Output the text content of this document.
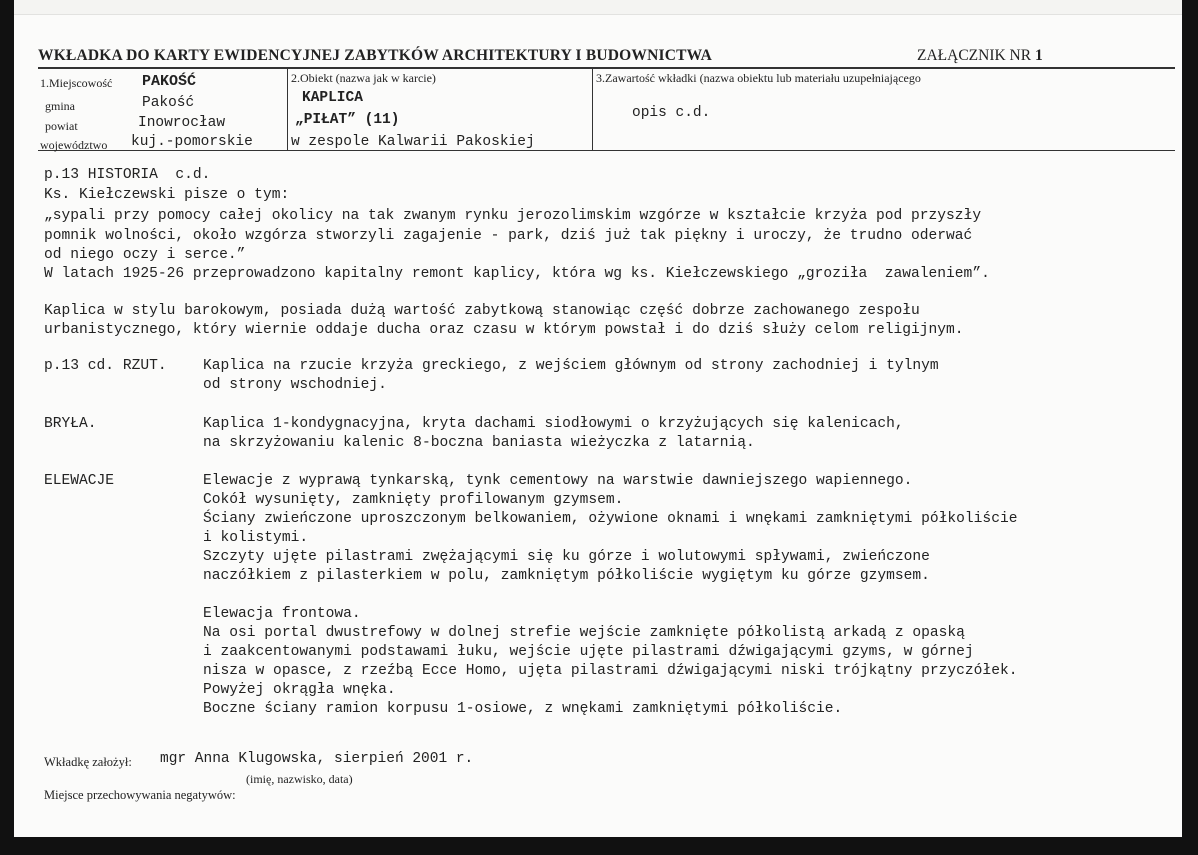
WKŁADKA DO KARTY EWIDENCYJNEJ ZABYTKÓW ARCHITEKTURY I BUDOWNICTWA	ZAŁĄCZNIK NR 1
1.Miejscowość PAKOŚĆ
gmina	Pakość
powiat	Inowrocław
województwo kuj.-pomorskie
2.Obiekt (nazwa jak w karcie)
KAPLICA
„PIŁAT” (11)
w zespole Kalwarii Pakoskiej
3.Zawartość wkładki (nazwa obiektu lub materiału uzupełniającego
opis c.d.
p.13 HISTORIA  c.d.
Ks. Kiełczewski pisze o tym:
„sypali przy pomocy całej okolicy na tak zwanym rynku jerozolimskim wzgórze w kształcie krzyża pod przyszły
pomnik wolności, około wzgórza stworzyli zagajenie - park, dziś już tak piękny i uroczy, że trudno oderwać
od niego oczy i serce.”
W latach 1925-26 przeprowadzono kapitalny remont kaplicy, która wg ks. Kiełczewskiego „groziła  zawaleniem”.
Kaplica w stylu barokowym, posiada dużą wartość zabytkową stanowiąc część dobrze zachowanego zespołu
urbanistycznego, który wiernie oddaje ducha oraz czasu w którym powstał i do dziś służy celom religijnym.
p.13 cd. RZUT. Kaplica na rzucie krzyża greckiego, z wejściem głównym od strony zachodniej i tylnym
od strony wschodniej.
BRYŁA.	Kaplica 1-kondygnacyjna, kryta dachami siodłowymi o krzyżujących się kalenicach,
na skrzyżowaniu kalenic 8-boczna baniasta wieżyczka z latarnią.
ELEWACJE	Elewacje z wyprawą tynkarską, tynk cementowy na warstwie dawniejszego wapiennego.
Cokół wysunięty, zamknięty profilowanym gzymsem.
Ściany zwieńczone uproszczonym belkowaniem, ożywione oknami i wnękami zamkniętymi półkoliście
i kolistymi.
Szczyty ujęte pilastrami zwężającymi się ku górze i wolutowymi spływami, zwieńczone
naczółkiem z pilasterkiem w polu, zamkniętym półkoliście wygiętym ku górze gzymsem.
Elewacja frontowa.
Na osi portal dwustrefowy w dolnej strefie wejście zamknięte półkolistą arkadą z opaską
i zaakcentowanymi podstawami łuku, wejście ujęte pilastrami dźwigającymi gzyms, w górnej
nisza w opasce, z rzeźbą Ecce Homo, ujęta pilastrami dźwigającymi niski trójkątny przyczółek.
Powyżej okrągła wnęka.
Boczne ściany ramion korpusu 1-osiowe, z wnękami zamkniętymi półkoliście.
Wkładkę założył: mgr Anna Klugowska, sierpień 2001 r.
(imię, nazwisko, data)
Miejsce przechowywania negatywów:
